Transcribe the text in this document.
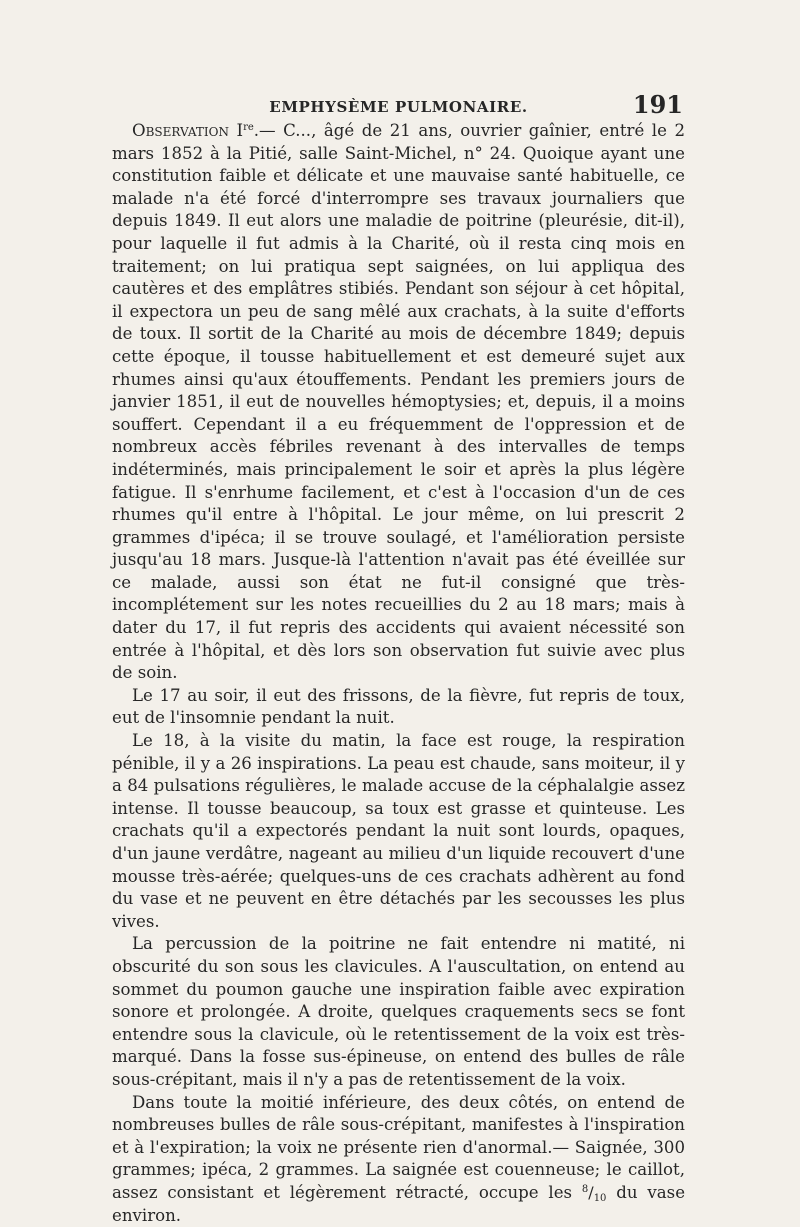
EMPHYSÈME PULMONAIRE.	191

Observation Ire.— C..., âgé de 21 ans, ouvrier gaînier, entré le 2 mars 1852 à la Pitié, salle Saint-Michel, n° 24. Quoique ayant une constitution faible et délicate et une mauvaise santé habituelle, ce malade n'a été forcé d'interrompre ses travaux journaliers que depuis 1849. Il eut alors une maladie de poitrine (pleurésie, dit-il), pour laquelle il fut admis à la Charité, où il resta cinq mois en traitement; on lui pratiqua sept saignées, on lui appliqua des cautères et des emplâtres stibiés. Pendant son séjour à cet hôpital, il expectora un peu de sang mêlé aux crachats, à la suite d'efforts de toux. Il sortit de la Charité au mois de décembre 1849; depuis cette époque, il tousse habituellement et est demeuré sujet aux rhumes ainsi qu'aux étouffements. Pendant les premiers jours de janvier 1851, il eut de nouvelles hémoptysies; et, depuis, il a moins souffert. Cependant il a eu fréquemment de l'oppression et de nombreux accès fébriles revenant à des intervalles de temps indéterminés, mais principalement le soir et après la plus légère fatigue. Il s'enrhume facilement, et c'est à l'occasion d'un de ces rhumes qu'il entre à l'hôpital. Le jour même, on lui prescrit 2 grammes d'ipéca; il se trouve soulagé, et l'amélioration persiste jusqu'au 18 mars. Jusque-là l'attention n'avait pas été éveillée sur ce malade, aussi son état ne fut-il consigné que très-incomplétement sur les notes recueillies du 2 au 18 mars; mais à dater du 17, il fut repris des accidents qui avaient nécessité son entrée à l'hôpital, et dès lors son observation fut suivie avec plus de soin.

Le 17 au soir, il eut des frissons, de la fièvre, fut repris de toux, eut de l'insomnie pendant la nuit.

Le 18, à la visite du matin, la face est rouge, la respiration pénible, il y a 26 inspirations. La peau est chaude, sans moiteur, il y a 84 pulsations régulières, le malade accuse de la céphalalgie assez intense. Il tousse beaucoup, sa toux est grasse et quinteuse. Les crachats qu'il a expectorés pendant la nuit sont lourds, opaques, d'un jaune verdâtre, nageant au milieu d'un liquide recouvert d'une mousse très-aérée; quelques-uns de ces crachats adhèrent au fond du vase et ne peuvent en être détachés par les secousses les plus vives.

La percussion de la poitrine ne fait entendre ni matité, ni obscurité du son sous les clavicules. A l'auscultation, on entend au sommet du poumon gauche une inspiration faible avec expiration sonore et prolongée. A droite, quelques craquements secs se font entendre sous la clavicule, où le retentissement de la voix est très-marqué. Dans la fosse sus-épineuse, on entend des bulles de râle sous-crépitant, mais il n'y a pas de retentissement de la voix.

Dans toute la moitié inférieure, des deux côtés, on entend de nombreuses bulles de râle sous-crépitant, manifestes à l'inspiration et à l'expiration; la voix ne présente rien d'anormal.— Saignée, 300 grammes; ipéca, 2 grammes. La saignée est couenneuse; le caillot, assez consistant et légèrement rétracté, occupe les $^8/_{10}$ du vase environ.
